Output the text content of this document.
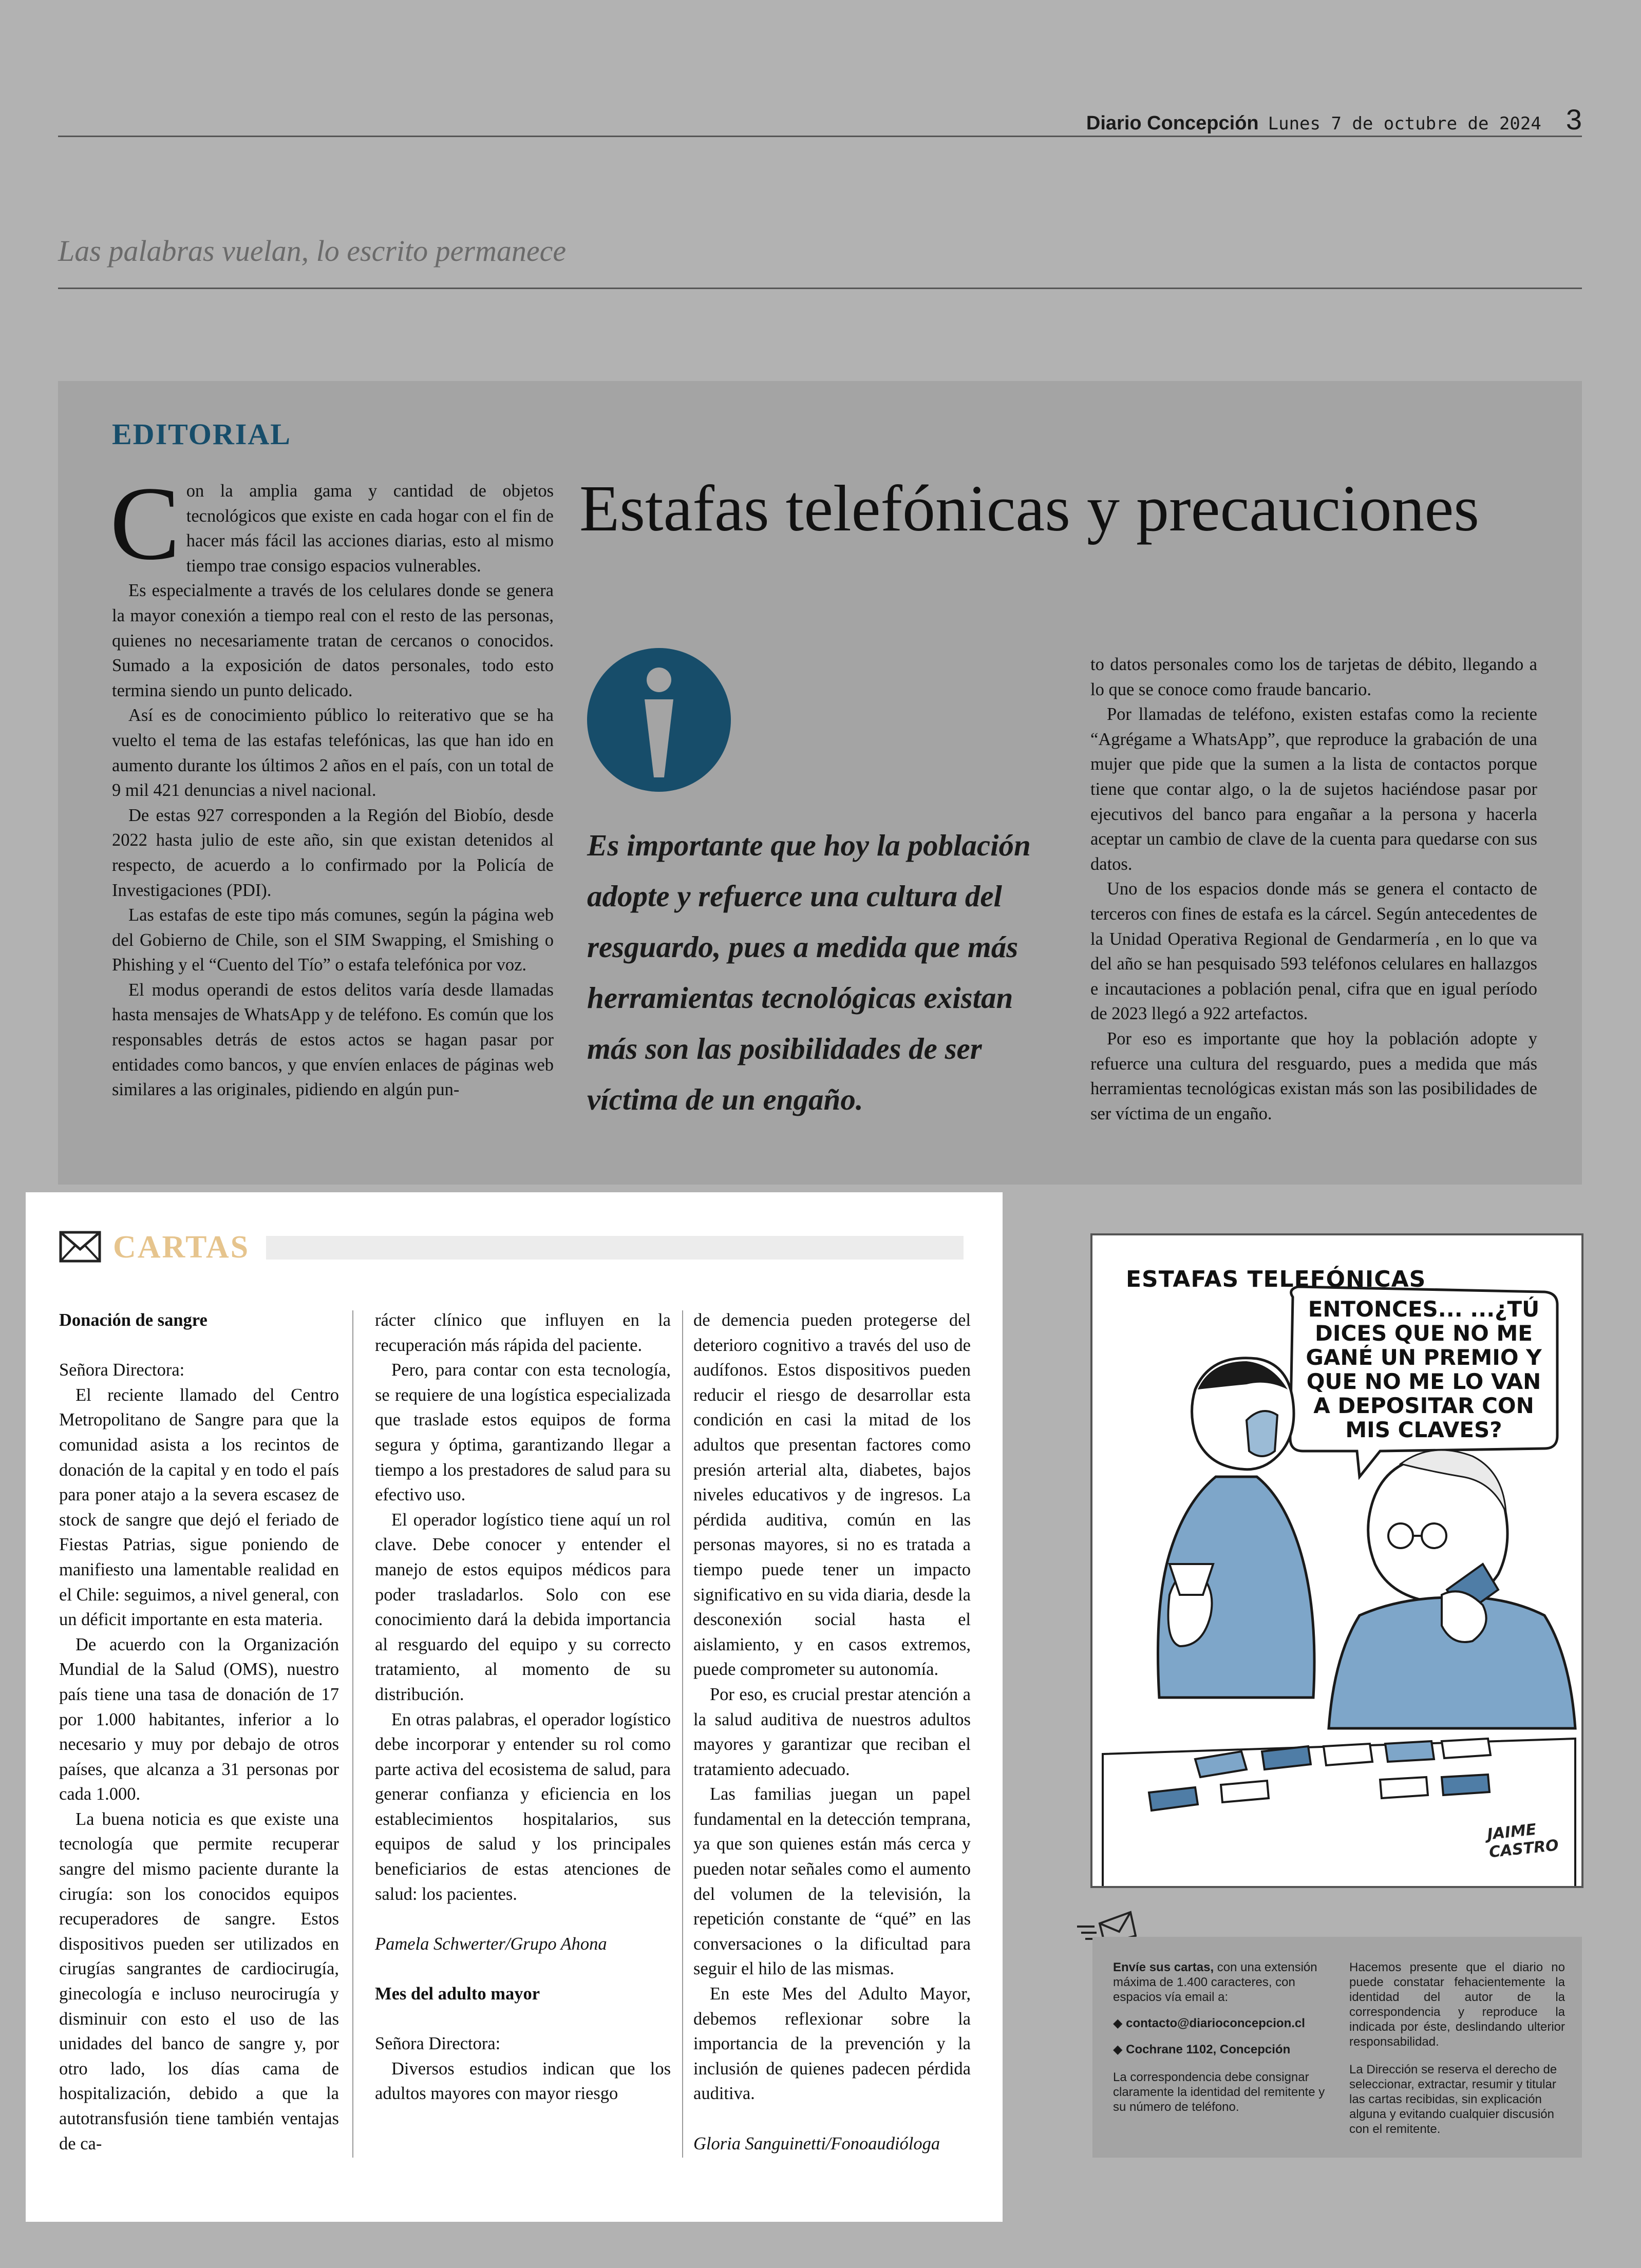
Diario Concepción Lunes 7 de octubre de 2024 3
Las palabras vuelan, lo escrito permanece
EDITORIAL
Estafas telefónicas y precauciones

Con la amplia gama y cantidad de objetos tecnológicos que existe en cada hogar con el fin de hacer más fácil las acciones diarias, esto al mismo tiempo trae consigo espacios vulnerables.

Es especialmente a través de los celulares donde se genera la mayor conexión a tiempo real con el resto de las personas, quienes no necesariamente tratan de cercanos o conocidos. Sumado a la exposición de datos personales, todo esto termina siendo un punto delicado.

Así es de conocimiento público lo reiterativo que se ha vuelto el tema de las estafas telefónicas, las que han ido en aumento durante los últimos 2 años en el país, con un total de 9 mil 421 denuncias a nivel nacional.

De estas 927 corresponden a la Región del Biobío, desde 2022 hasta julio de este año, sin que existan detenidos al respecto, de acuerdo a lo confirmado por la Policía de Investigaciones (PDI).

Las estafas de este tipo más comunes, según la página web del Gobierno de Chile, son el SIM Swapping, el Smishing o Phishing y el “Cuento del Tío” o estafa telefónica por voz.

El modus operandi de estos delitos varía desde llamadas hasta mensajes de WhatsApp y de teléfono. Es común que los responsables detrás de estos actos se hagan pasar por entidades como bancos, y que envíen enlaces de páginas web similares a las originales, pidiendo en algún pun-

Es importante que hoy la población adopte y refuerce una cultura del resguardo, pues a medida que más herramientas tecnológicas existan más son las posibilidades de ser víctima de un engaño.

to datos personales como los de tarjetas de débito, llegando a lo que se conoce como fraude bancario.

Por llamadas de teléfono, existen estafas como la reciente “Agrégame a WhatsApp”, que reproduce la grabación de una mujer que pide que la sumen a la lista de contactos porque tiene que contar algo, o la de sujetos haciéndose pasar por ejecutivos del banco para engañar a la persona y hacerla aceptar un cambio de clave de la cuenta para quedarse con sus datos.

Uno de los espacios donde más se genera el contacto de terceros con fines de estafa es la cárcel. Según antecedentes de la Unidad Operativa Regional de Gendarmería , en lo que va del año se han pesquisado 593 teléfonos celulares en hallazgos e incautaciones a población penal, cifra que en igual período de 2023 llegó a 922 artefactos.

Por eso es importante que hoy la población adopte y refuerce una cultura del resguardo, pues a medida que más herramientas tecnológicas existan más son las posibilidades de ser víctima de un engaño.

CARTAS

Donación de sangre

Señora Directora:

El reciente llamado del Centro Metropolitano de Sangre para que la comunidad asista a los recintos de donación de la capital y en todo el país para poner atajo a la severa escasez de stock de sangre que dejó el feriado de Fiestas Patrias, sigue poniendo de manifiesto una lamentable realidad en el Chile: seguimos, a nivel general, con un déficit importante en esta materia.

De acuerdo con la Organización Mundial de la Salud (OMS), nuestro país tiene una tasa de donación de 17 por 1.000 habitantes, inferior a lo necesario y muy por debajo de otros países, que alcanza a 31 personas por cada 1.000.

La buena noticia es que existe una tecnología que permite recuperar sangre del mismo paciente durante la cirugía: son los conocidos equipos recuperadores de sangre. Estos dispositivos pueden ser utilizados en cirugías sangrantes de cardiocirugía, ginecología e incluso neurocirugía y disminuir con esto el uso de las unidades del banco de sangre y, por otro lado, los días cama de hospitalización, debido a que la autotransfusión tiene también ventajas de ca-

rácter clínico que influyen en la recuperación más rápida del paciente.

Pero, para contar con esta tecnología, se requiere de una logística especializada que traslade estos equipos de forma segura y óptima, garantizando llegar a tiempo a los prestadores de salud para su efectivo uso.

El operador logístico tiene aquí un rol clave. Debe conocer y entender el manejo de estos equipos médicos para poder trasladarlos. Solo con ese conocimiento dará la debida importancia al resguardo del equipo y su correcto tratamiento, al momento de su distribución.

En otras palabras, el operador logístico debe incorporar y entender su rol como parte activa del ecosistema de salud, para generar confianza y eficiencia en los establecimientos hospitalarios, sus equipos de salud y los principales beneficiarios de estas atenciones de salud: los pacientes.

Pamela Schwerter/Grupo Ahona

Mes del adulto mayor

Señora Directora:

Diversos estudios indican que los adultos mayores con mayor riesgo

de demencia pueden protegerse del deterioro cognitivo a través del uso de audífonos. Estos dispositivos pueden reducir el riesgo de desarrollar esta condición en casi la mitad de los adultos que presentan factores como presión arterial alta, diabetes, bajos niveles educativos y de ingresos. La pérdida auditiva, común en las personas mayores, si no es tratada a tiempo puede tener un impacto significativo en su vida diaria, desde la desconexión social hasta el aislamiento, y en casos extremos, puede comprometer su autonomía.

Por eso, es crucial prestar atención a la salud auditiva de nuestros adultos mayores y garantizar que reciban el tratamiento adecuado.

Las familias juegan un papel fundamental en la detección temprana, ya que son quienes están más cerca y pueden notar señales como el aumento del volumen de la televisión, la repetición constante de “qué” en las conversaciones o la dificultad para seguir el hilo de las mismas.

En este Mes del Adulto Mayor, debemos reflexionar sobre la importancia de la prevención y la inclusión de quienes padecen pérdida auditiva.

Gloria Sanguinetti/Fonoaudióloga

ESTAFAS TELEFÓNICAS
ENTONCES... ...¿TÚ DICES QUE NO ME GANÉ UN PREMIO Y QUE NO ME LO VAN A DEPOSITAR CON MIS CLAVES?
JAIME CASTRO
Envíe sus cartas, con una extensión máxima de 1.400 caracteres, con espacios vía email a:
◆ contacto@diarioconcepcion.cl
◆ Cochrane 1102, Concepción
La correspondencia debe consignar claramente la identidad del remitente y su número de teléfono.
Hacemos presente que el diario no puede constatar fehacientemente la identidad del autor de la correspondencia y reproduce la indicada por éste, deslindando ulterior responsabilidad.
La Dirección se reserva el derecho de seleccionar, extractar, resumir y titular las cartas recibidas, sin explicación alguna y evitando cualquier discusión con el remitente.
